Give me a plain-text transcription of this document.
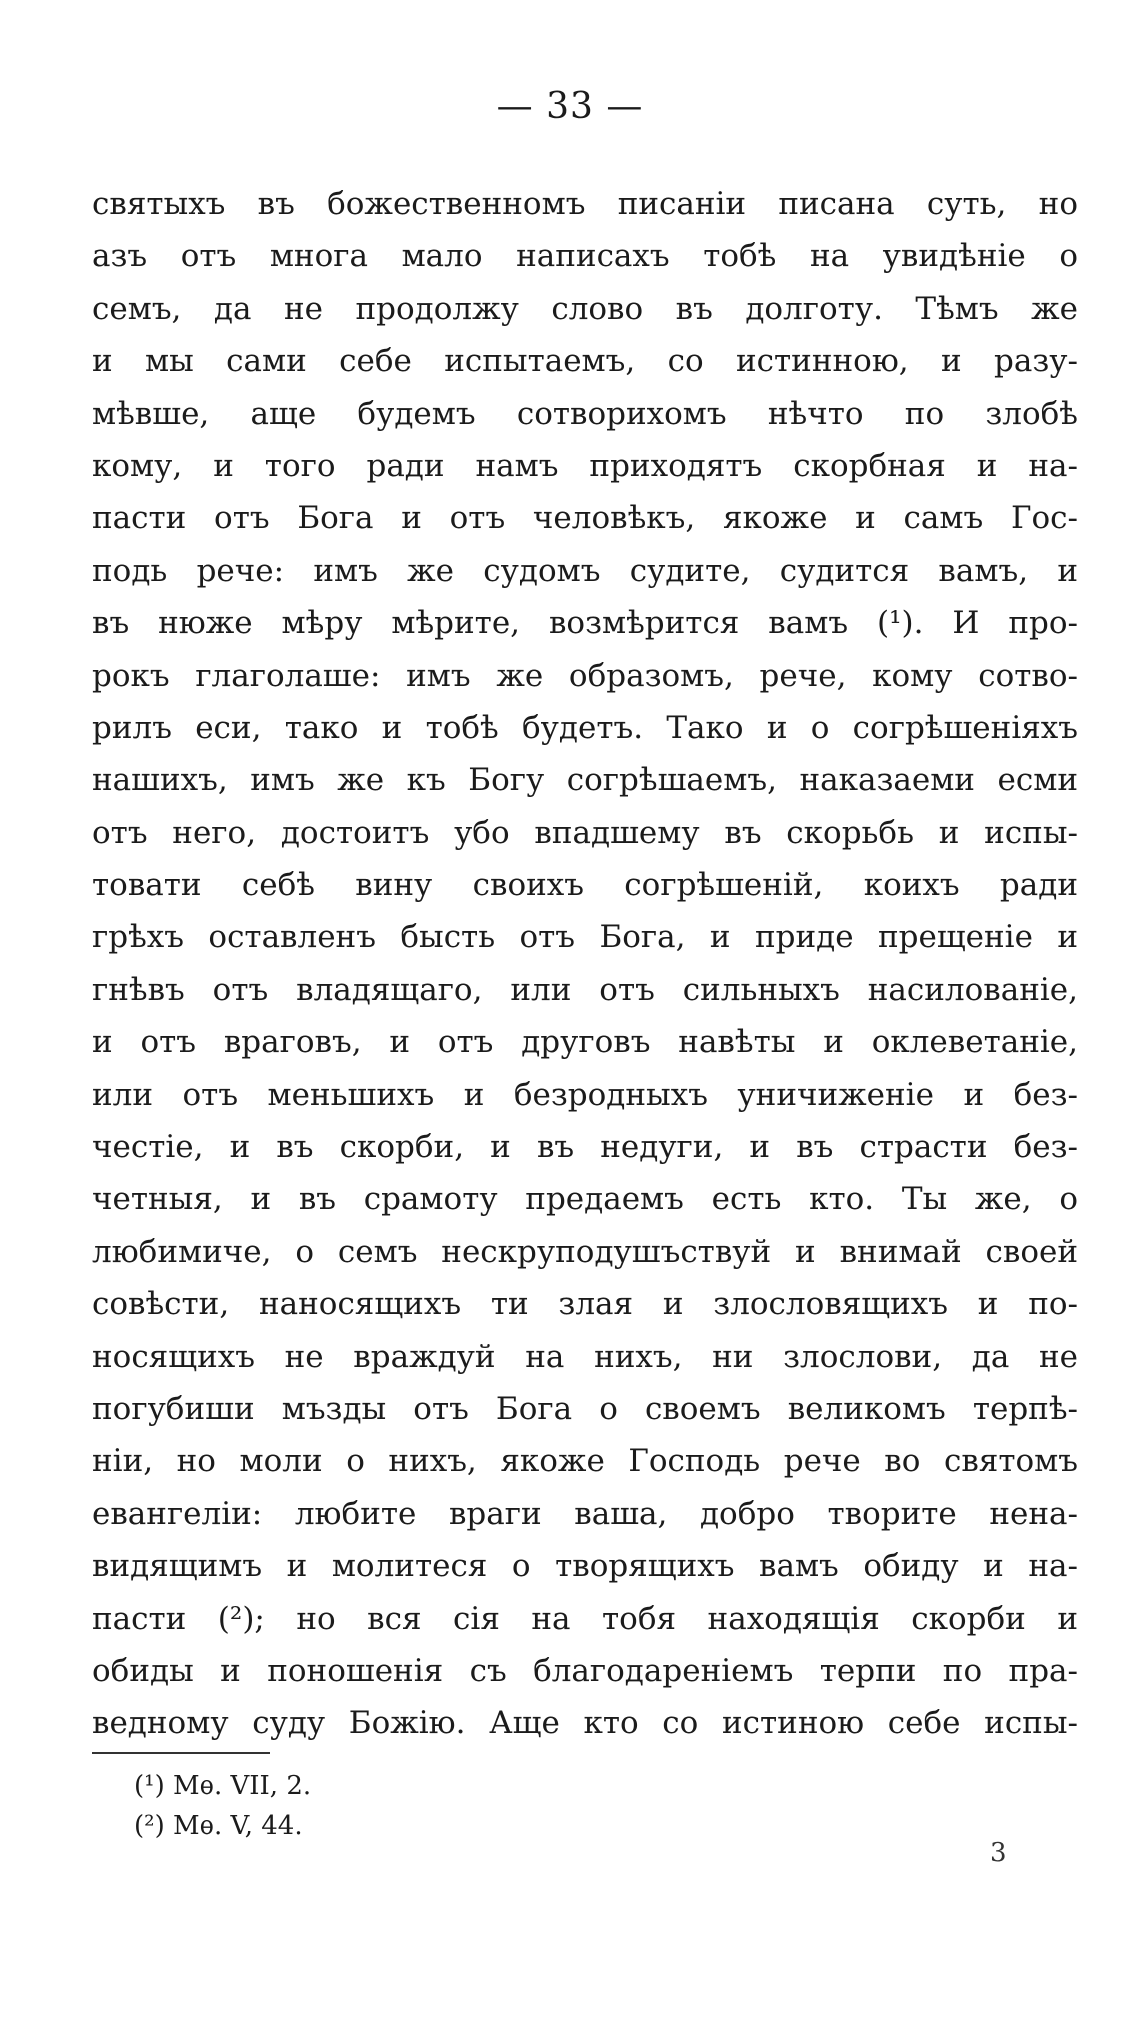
— 33 —
святыхъ въ божественномъ писанiи писана суть, но
азъ отъ многа мало написахъ тобѣ на увидѣнiе о
семъ, да не продолжу слово въ долготу. Тѣмъ же
и мы сами себе испытаемъ, со истинною, и разу-
мѣвше, аще будемъ сотворихомъ нѣчто по злобѣ
кому, и того ради намъ приходятъ скорбная и на-
пасти отъ Бога и отъ человѣкъ, якоже и самъ Гос-
подь рече: имъ же судомъ судите, судится вамъ, и
въ нюже мѣру мѣрите, возмѣрится вамъ (¹). И про-
рокъ глаголаше: имъ же образомъ, рече, кому сотво-
рилъ еси, тако и тобѣ будетъ. Тако и о согрѣшенiяхъ
нашихъ, имъ же къ Богу согрѣшаемъ, наказаеми есми
отъ него, достоитъ убо впадшему въ скорьбь и испы-
товати себѣ вину своихъ согрѣшенiй, коихъ ради
грѣхъ оставленъ бысть отъ Бога, и приде прещенiе и
гнѣвъ отъ владящаго, или отъ сильныхъ насилованiе,
и отъ враговъ, и отъ друговъ навѣты и оклеветанiе,
или отъ меньшихъ и безродныхъ уничиженiе и без-
честiе, и въ скорби, и въ недуги, и въ страсти без-
четныя, и въ срамоту предаемъ есть кто. Ты же, о
любимиче, о семъ нескруподушъствуй и внимай своей
совѣсти, наносящихъ ти злая и злословящихъ и по-
носящихъ не враждуй на нихъ, ни злослови, да не
погубиши мъзды отъ Бога о своемъ великомъ терпѣ-
нiи, но моли о нихъ, якоже Господь рече во святомъ
евангелiи: любите враги ваша, добро творите нена-
видящимъ и молитеся о творящихъ вамъ обиду и на-
пасти (²); но вся сiя на тобя находящiя скорби и
обиды и поношенiя съ благодаренiемъ терпи по пра-
ведному суду Божiю. Аще кто со истиною себе испы-
(¹) Мѳ. VII, 2.
(²) Мѳ. V, 44.
3
